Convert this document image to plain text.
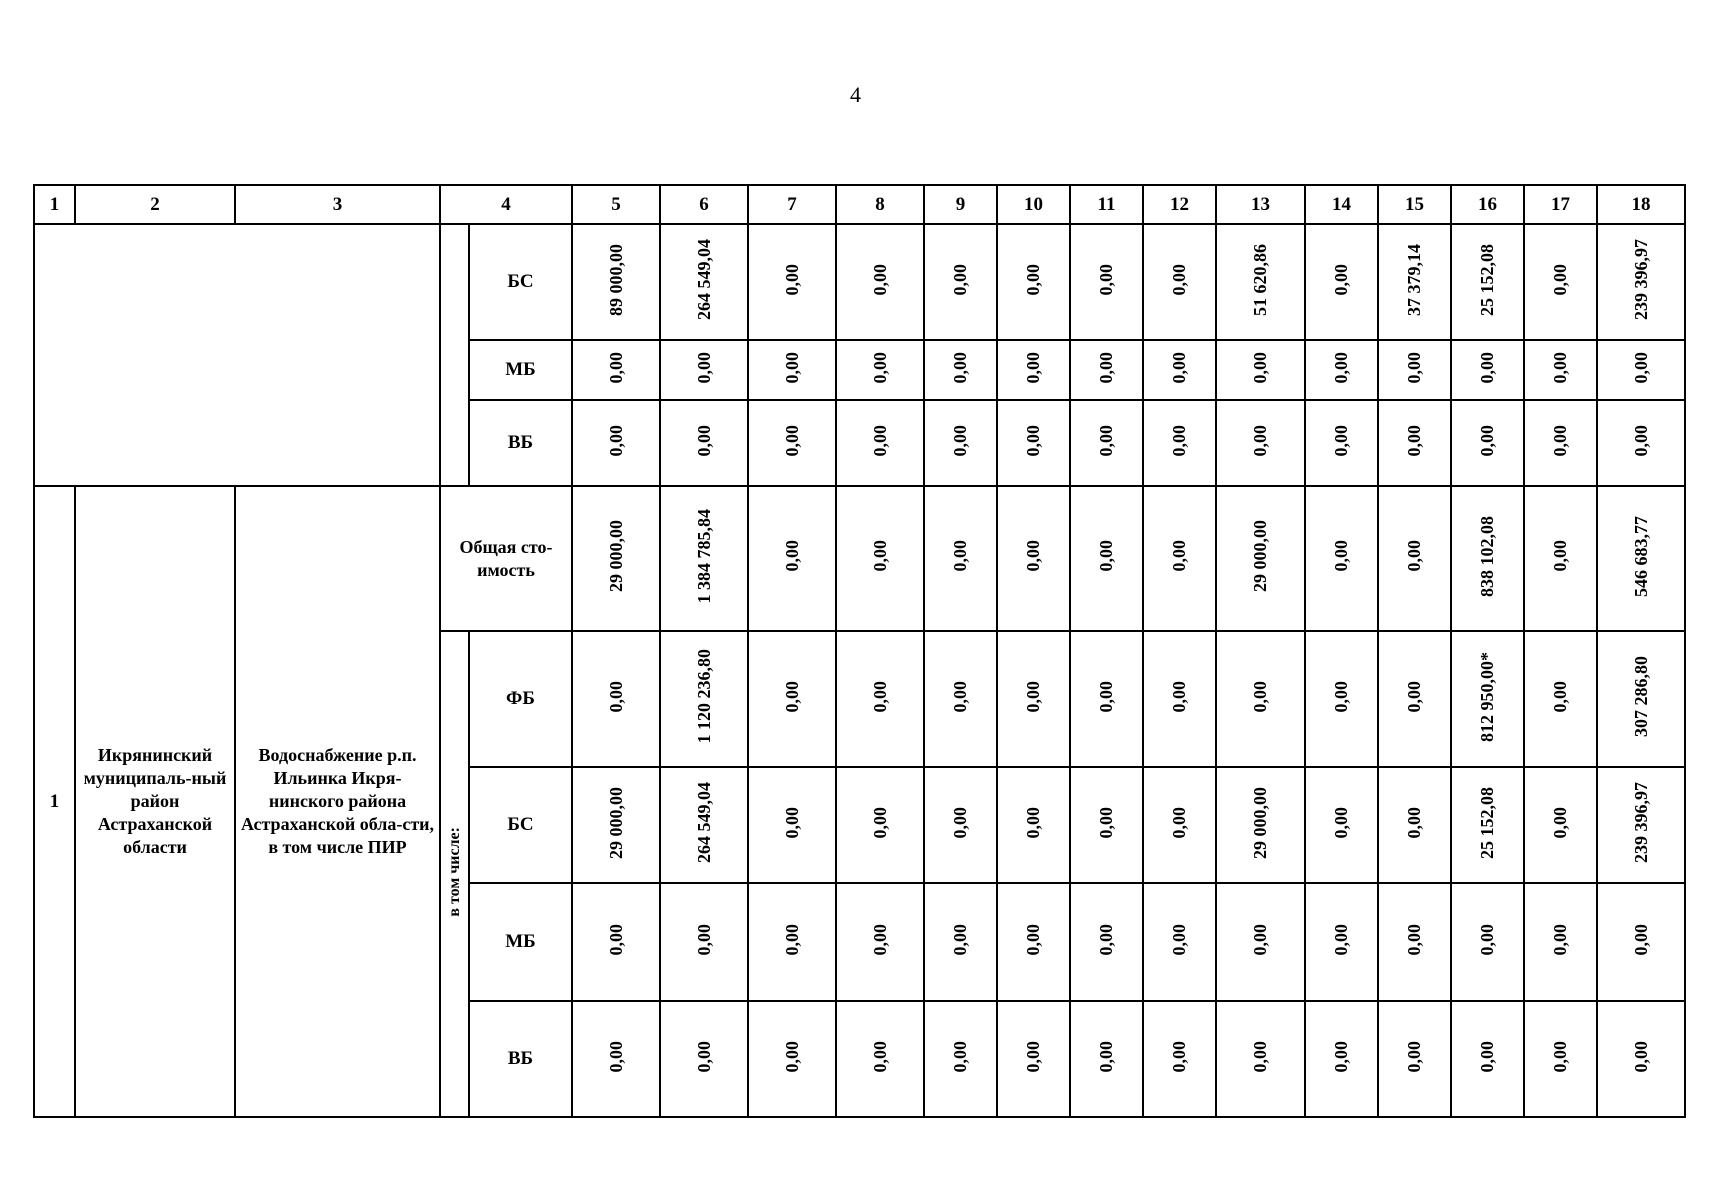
4
1	2	3	4		5	6	7	8	9	10	11	12	13	14	15	16	17	18
				БС	89 000,00	264 549,04	0,00	0,00	0,00	0,00	0,00	0,00	51 620,86	0,00	37 379,14	25 152,08	0,00	239 396,97
				МБ	0,00	0,00	0,00	0,00	0,00	0,00	0,00	0,00	0,00	0,00	0,00	0,00	0,00	0,00
				ВБ	0,00	0,00	0,00	0,00	0,00	0,00	0,00	0,00	0,00	0,00	0,00	0,00	0,00	0,00
1	Икрянинский муниципаль-ный район Астраханской области	Водоснабжение р.п. Ильинка Икря-нинского района Астраханской обла-сти, в том числе ПИР	Общая сто-имость		29 000,00	1 384 785,84	0,00	0,00	0,00	0,00	0,00	0,00	29 000,00	0,00	0,00	838 102,08	0,00	546 683,77
			в том числе:	ФБ	0,00	1 120 236,80	0,00	0,00	0,00	0,00	0,00	0,00	0,00	0,00	0,00	812 950,00*	0,00	307 286,80
				БС	29 000,00	264 549,04	0,00	0,00	0,00	0,00	0,00	0,00	29 000,00	0,00	0,00	25 152,08	0,00	239 396,97
				МБ	0,00	0,00	0,00	0,00	0,00	0,00	0,00	0,00	0,00	0,00	0,00	0,00	0,00	0,00
				ВБ	0,00	0,00	0,00	0,00	0,00	0,00	0,00	0,00	0,00	0,00	0,00	0,00	0,00	0,00
